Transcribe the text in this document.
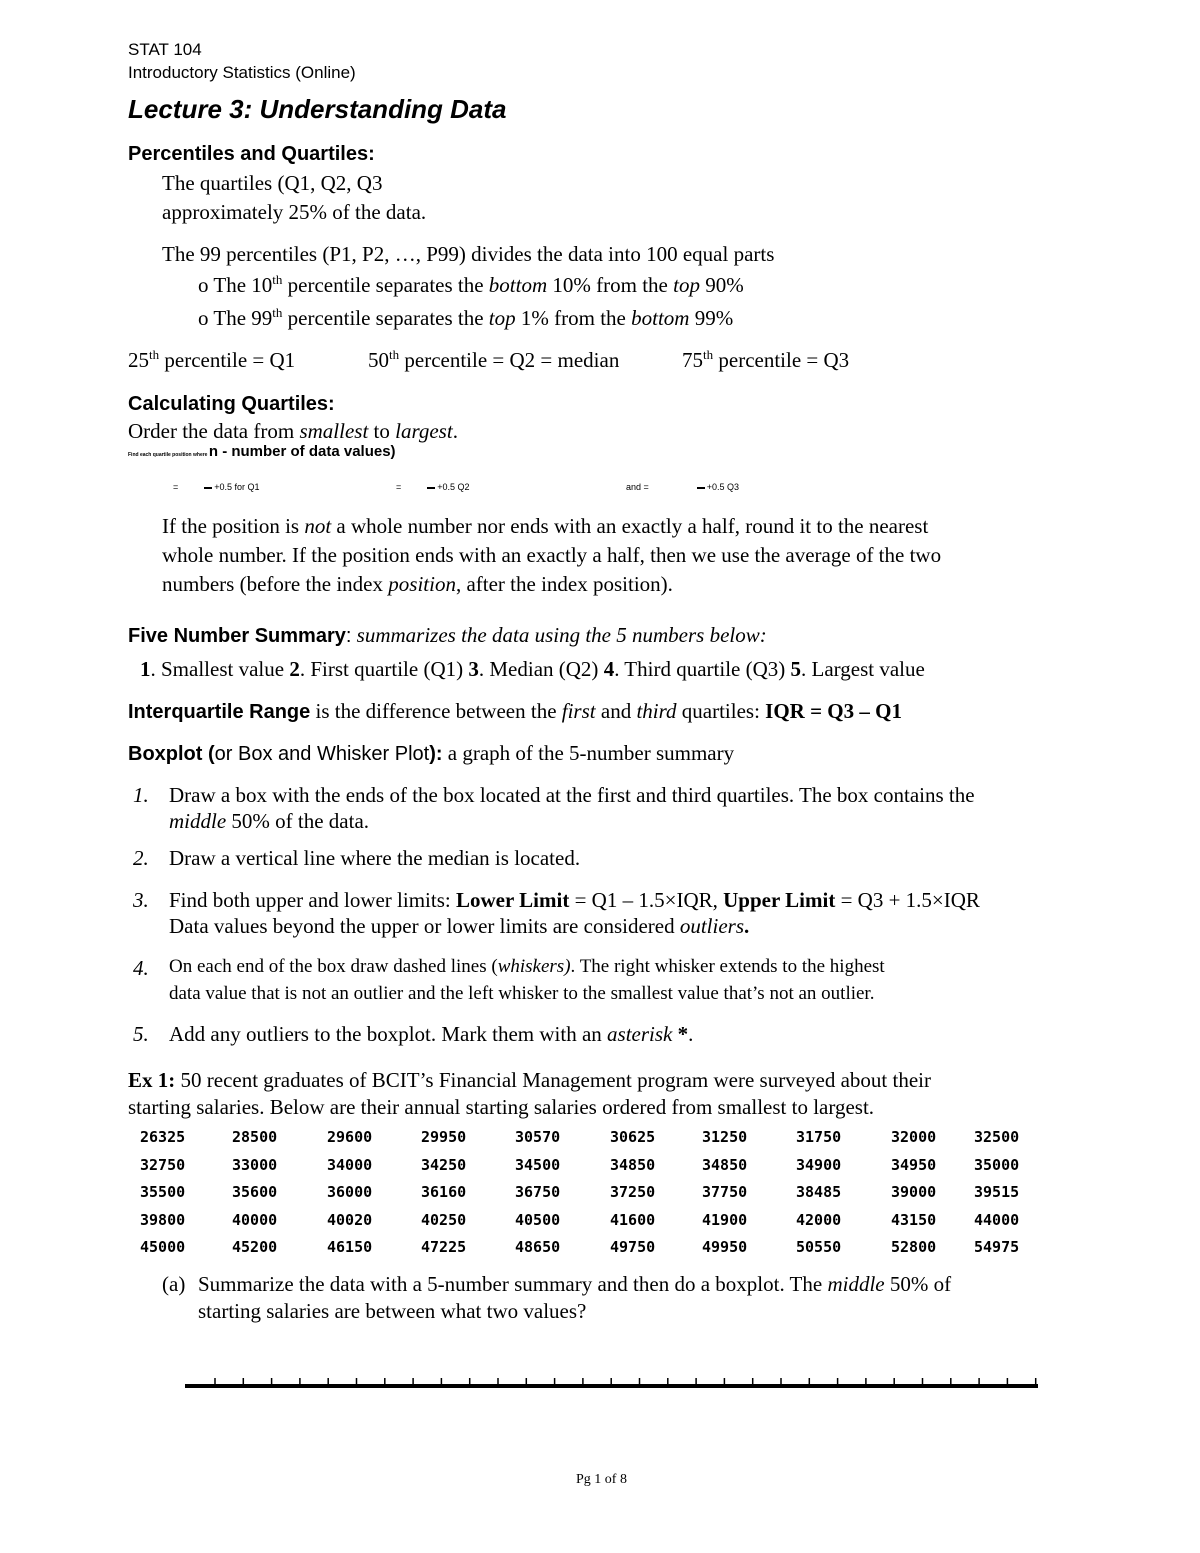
STAT 104
Introductory Statistics (Online)
Lecture 3: Understanding Data
Percentiles and Quartiles:
The quartiles (Q1, Q2, Q3
approximately 25% of the data.
The 99 percentiles (P1, P2, …, P99) divides the data into 100 equal parts
o The 10th percentile separates the bottom 10% from the top 90%
o The 99th percentile separates the top 1% from the bottom 99%
25th percentile = Q1	50th percentile = Q2 = median	75th percentile = Q3
Calculating Quartiles:
Order the data from smallest to largest.
Find each quartile position where n - number of data values)
=	+0.5 for Q1	=	+0.5 Q2	and =	+0.5 Q3
If the position is not a whole number nor ends with an exactly a half, round it to the nearest
whole number. If the position ends with an exactly a half, then we use the average of the two
numbers (before the index position, after the index position).
Five Number Summary: summarizes the data using the 5 numbers below:
1. Smallest value 2. First quartile (Q1) 3. Median (Q2) 4. Third quartile (Q3) 5. Largest value
Interquartile Range is the difference between the first and third quartiles: IQR = Q3 – Q1
Boxplot (or Box and Whisker Plot): a graph of the 5-number summary
1. Draw a box with the ends of the box located at the first and third quartiles. The box contains the
middle 50% of the data.
2. Draw a vertical line where the median is located.
3. Find both upper and lower limits: Lower Limit = Q1 – 1.5×IQR, Upper Limit = Q3 + 1.5×IQR
Data values beyond the upper or lower limits are considered outliers.
4. On each end of the box draw dashed lines (whiskers). The right whisker extends to the highest
data value that is not an outlier and the left whisker to the smallest value that’s not an outlier.
5. Add any outliers to the boxplot. Mark them with an asterisk *.
Ex 1: 50 recent graduates of BCIT’s Financial Management program were surveyed about their
starting salaries. Below are their annual starting salaries ordered from smallest to largest.
26325	28500	29600	29950	30570	30625	31250	31750	32000	32500
32750	33000	34000	34250	34500	34850	34850	34900	34950	35000
35500	35600	36000	36160	36750	37250	37750	38485	39000	39515
39800	40000	40020	40250	40500	41600	41900	42000	43150	44000
45000	45200	46150	47225	48650	49750	49950	50550	52800	54975
(a) Summarize the data with a 5-number summary and then do a boxplot. The middle 50% of
starting salaries are between what two values?
Pg 1 of 8
